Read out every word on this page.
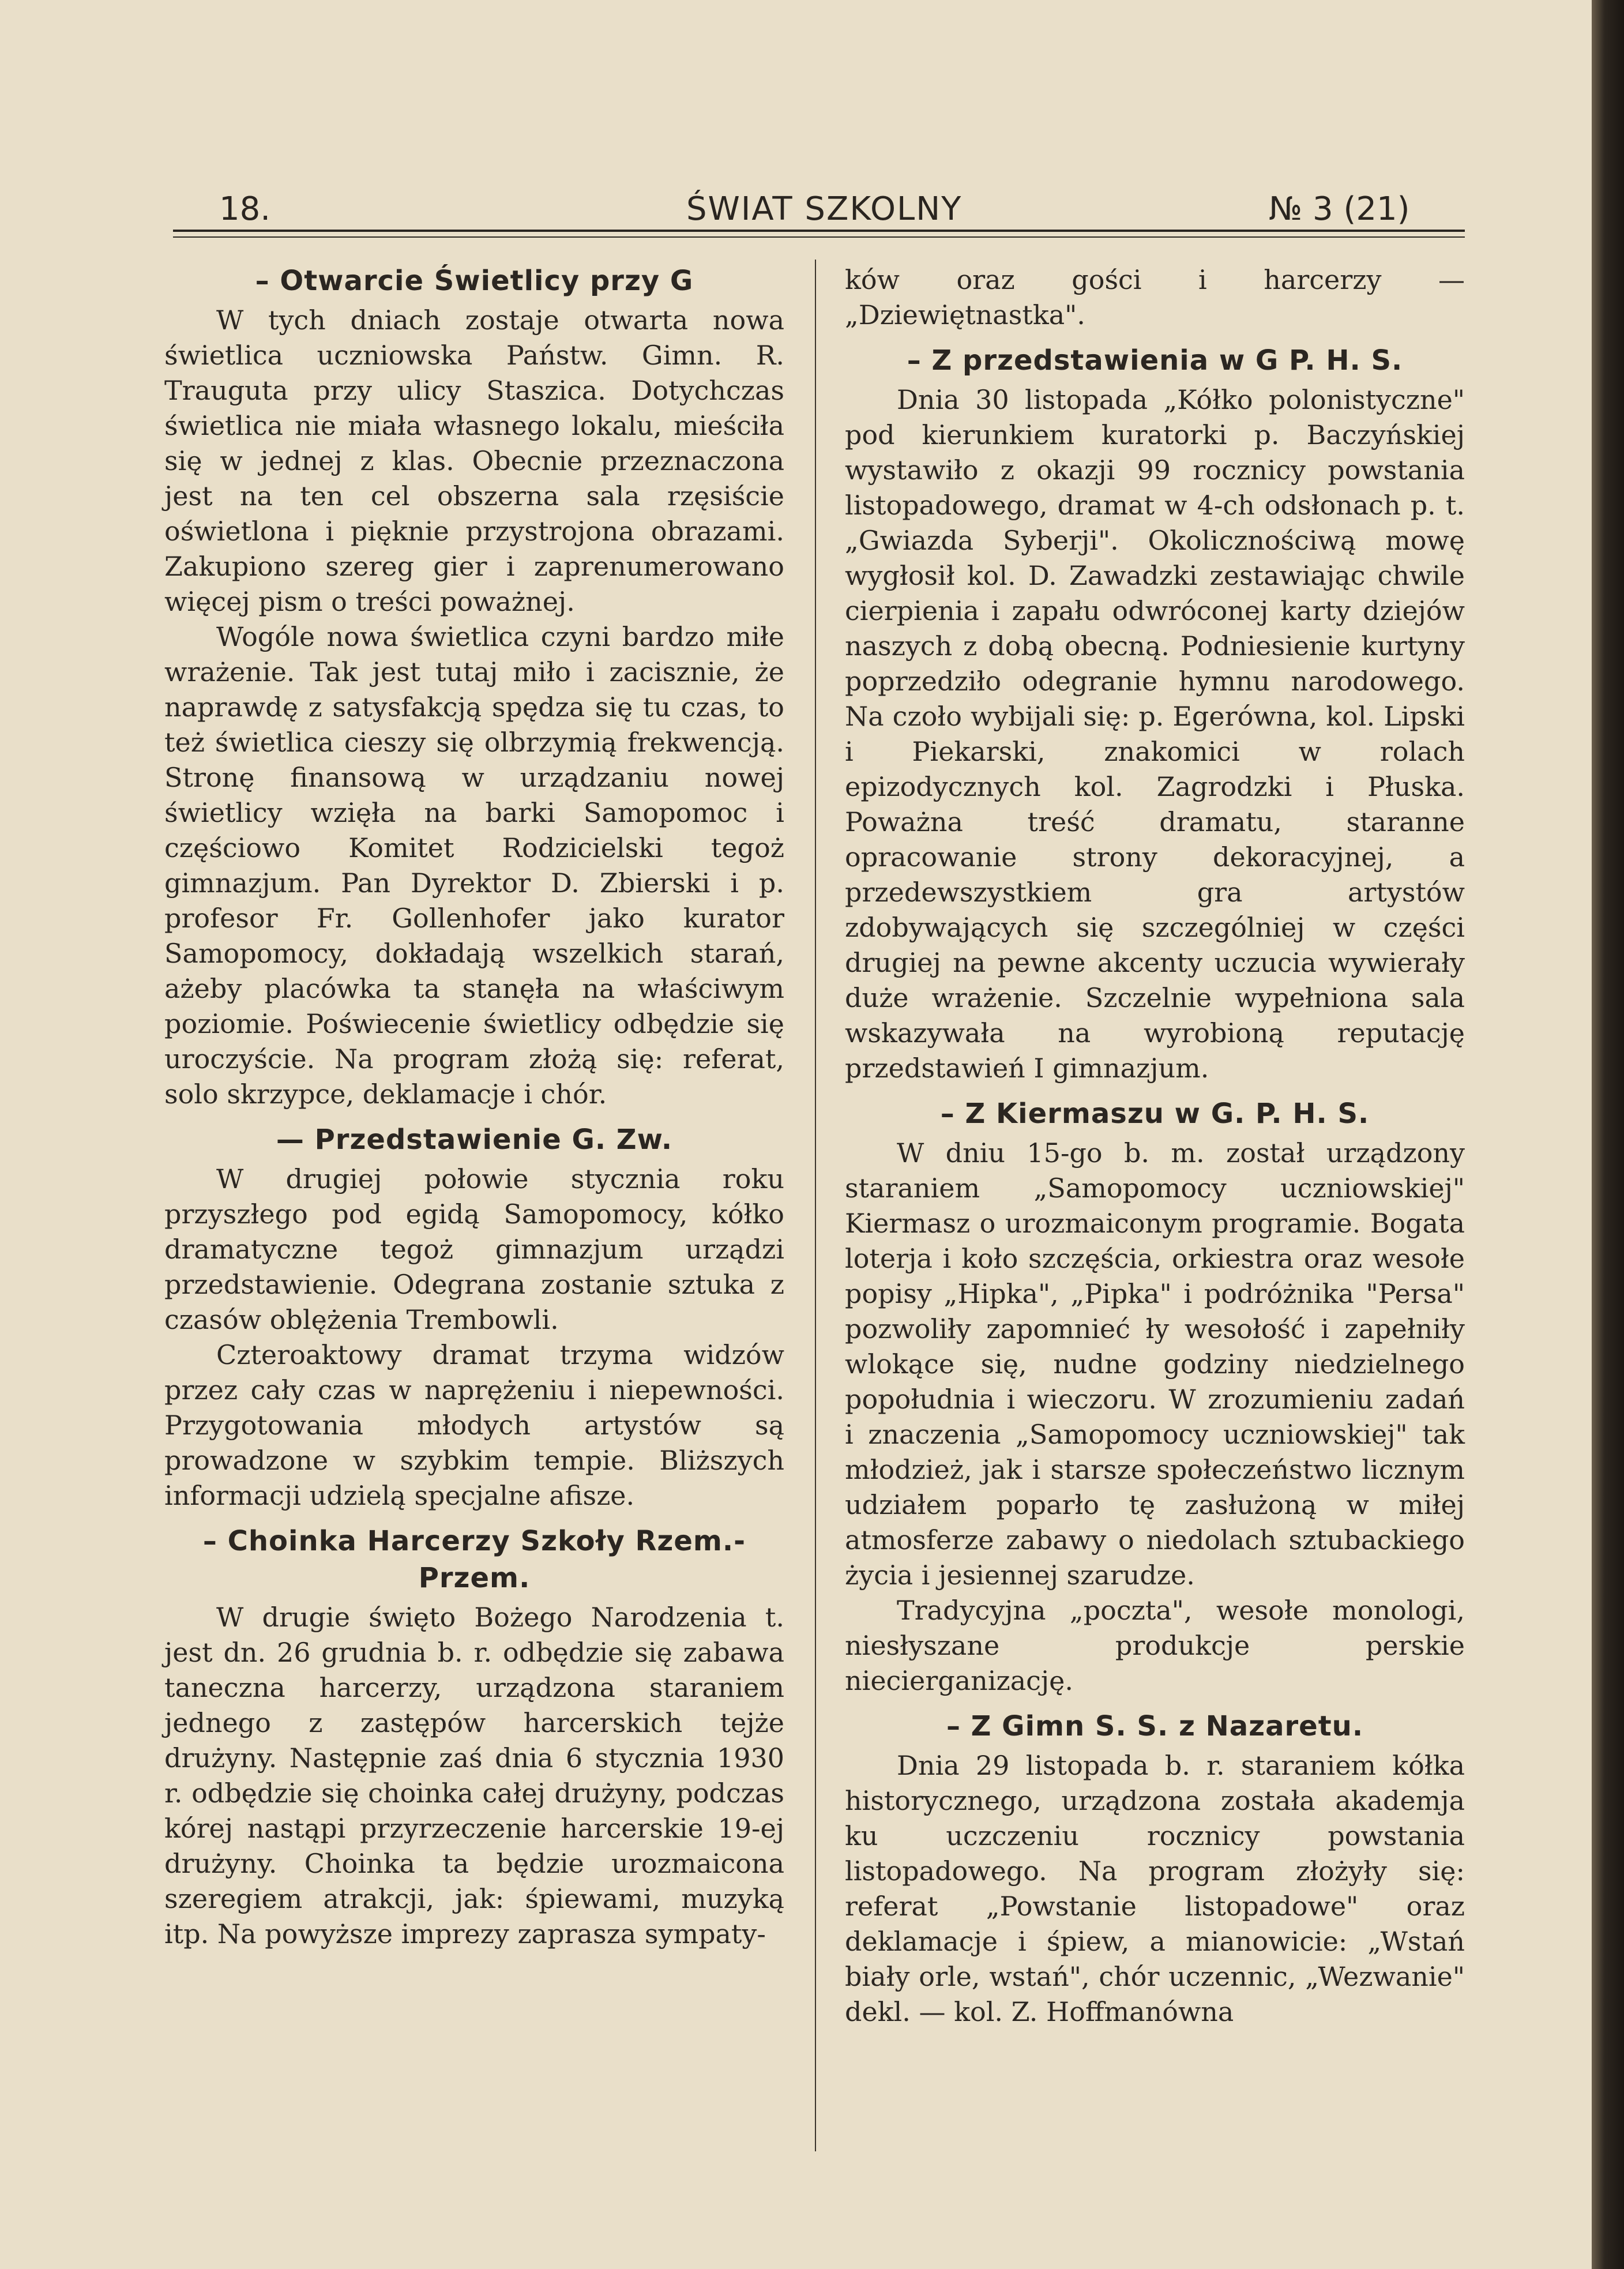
18.	ŚWIAT SZKOLNY	№ 3 (21)
– Otwarcie Świetlicy przy G

W tych dniach zostaje otwarta nowa świetlica uczniowska Państw. Gimn. R. Trauguta przy ulicy Staszica. Dotychczas świetlica nie miała własnego lokalu, mieściła się w jednej z klas. Obecnie przeznaczona jest na ten cel obszerna sala rzęsiście oświetlona i pięknie przystrojona obrazami. Zakupiono szereg gier i zaprenumerowano więcej pism o treści poważnej.

Wogóle nowa świetlica czyni bardzo miłe wrażenie. Tak jest tutaj miło i zacisznie, że naprawdę z satysfakcją spędza się tu czas, to też świetlica cieszy się olbrzymią frekwencją. Stronę finansową w urządzaniu nowej świetlicy wzięła na barki Samopomoc i częściowo Komitet Rodzicielski tegoż gimnazjum. Pan Dyrektor D. Zbierski i p. profesor Fr. Gollenhofer jako kurator Samopomocy, dokładają wszelkich starań, ażeby placówka ta stanęła na właściwym poziomie. Poświecenie świetlicy odbędzie się uroczyście. Na program złożą się: referat, solo skrzypce, deklamacje i chór.

— Przedstawienie G. Zw.

W drugiej połowie stycznia roku przyszłego pod egidą Samopomocy, kółko dramatyczne tegoż gimnazjum urządzi przedstawienie. Odegrana zostanie sztuka z czasów oblężenia Trembowli.

Czteroaktowy dramat trzyma widzów przez cały czas w naprężeniu i niepewności. Przygotowania młodych artystów są prowadzone w szybkim tempie. Bliższych informacji udzielą specjalne afisze.

– Choinka Harcerzy Szkoły Rzem.-Przem.

W drugie święto Bożego Narodzenia t. jest dn. 26 grudnia b. r. odbędzie się zabawa taneczna harcerzy, urządzona staraniem jednego z zastępów harcerskich tejże drużyny. Następnie zaś dnia 6 stycznia 1930 r. odbędzie się choinka całej drużyny, podczas kórej nastąpi przyrzeczenie harcerskie 19-ej drużyny. Choinka ta będzie urozmaicona szeregiem atrakcji, jak: śpiewami, muzyką itp. Na powyższe imprezy zaprasza sympaty-

ków oraz gości i harcerzy — „Dziewiętnastka".

– Z przedstawienia w G P. H. S.

Dnia 30 listopada „Kółko polonistyczne" pod kierunkiem kuratorki p. Baczyńskiej wystawiło z okazji 99 rocznicy powstania listopadowego, dramat w 4-ch odsłonach p. t. „Gwiazda Syberji". Okolicznościwą mowę wygłosił kol. D. Zawadzki zestawiając chwile cierpienia i zapału odwróconej karty dziejów naszych z dobą obecną. Podniesienie kurtyny poprzedziło odegranie hymnu narodowego. Na czoło wybijali się: p. Egerówna, kol. Lipski i Piekarski, znakomici w rolach epizodycznych kol. Zagrodzki i Płuska. Poważna treść dramatu, staranne opracowanie strony dekoracyjnej, a przedewszystkiem gra artystów zdobywających się szczególniej w części drugiej na pewne akcenty uczucia wywierały duże wrażenie. Szczelnie wypełniona sala wskazywała na wyrobioną reputację przedstawień I gimnazjum.

– Z Kiermaszu w G. P. H. S.

W dniu 15-go b. m. został urządzony staraniem „Samopomocy uczniowskiej" Kiermasz o urozmaiconym programie. Bogata loterja i koło szczęścia, orkiestra oraz wesołe popisy „Hipka", „Pipka" i podróżnika "Persa" pozwoliły zapomnieć ły wesołość i zapełniły wlokące się, nudne godziny niedzielnego popołudnia i wieczoru. W zrozumieniu zadań i znaczenia „Samopomocy uczniowskiej" tak młodzież, jak i starsze społeczeństwo licznym udziałem poparło tę zasłużoną w miłej atmosferze zabawy o niedolach sztubackiego życia i jesiennej szarudze.

Tradycyjna „poczta", wesołe monologi, niesłyszane produkcje perskie niecierganizację.

– Z Gimn S. S. z Nazaretu.

Dnia 29 listopada b. r. staraniem kółka historycznego, urządzona została akademja ku uczczeniu rocznicy powstania listopadowego. Na program złożyły się: referat „Powstanie listopadowe" oraz deklamacje i śpiew, a mianowicie: „Wstań biały orle, wstań", chór uczennic, „Wezwanie" dekl. — kol. Z. Hoffmanówna
